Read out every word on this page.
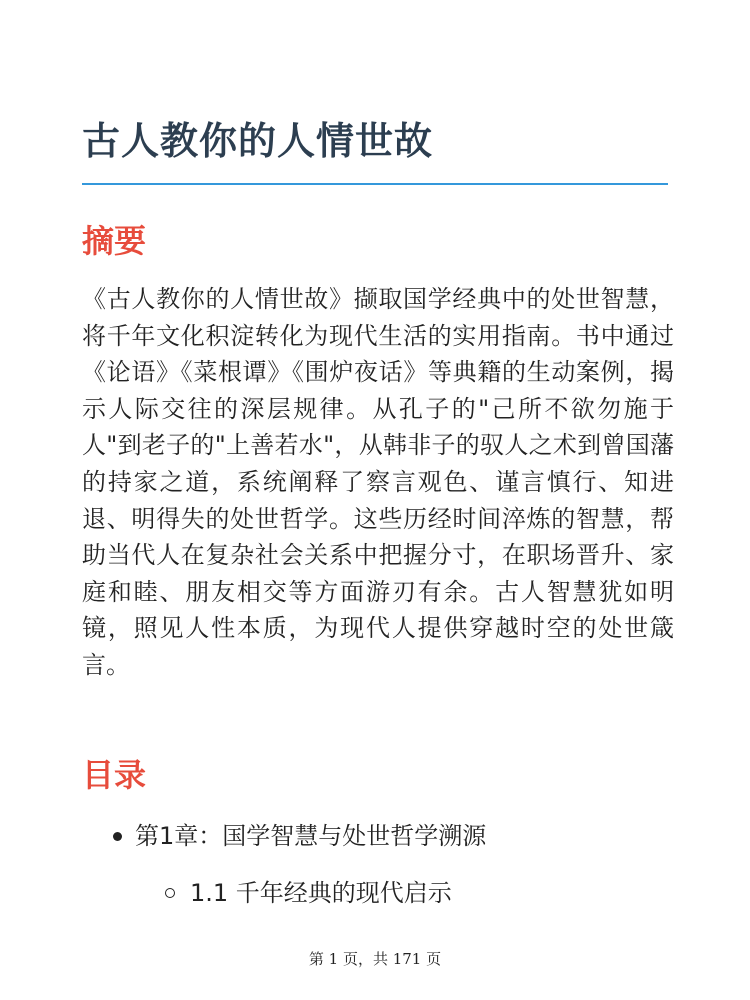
古人教你的人情世故
摘要

《古人教你的人情世故》撷取国学经典中的处世智慧，将千年文化积淀转化为现代生活的实用指南。书中通过《论语》《菜根谭》《围炉夜话》等典籍的生动案例，揭示人际交往的深层规律。从孔子的"己所不欲勿施于人"到老子的"上善若水"，从韩非子的驭人之术到曾国藩的持家之道，系统阐释了察言观色、谨言慎行、知进退、明得失的处世哲学。这些历经时间淬炼的智慧，帮助当代人在复杂社会关系中把握分寸，在职场晋升、家庭和睦、朋友相交等方面游刃有余。古人智慧犹如明镜，照见人性本质，为现代人提供穿越时空的处世箴言。

目录
第1章：国学智慧与处世哲学溯源
1.1 千年经典的现代启示
第 1 页，共 171 页
